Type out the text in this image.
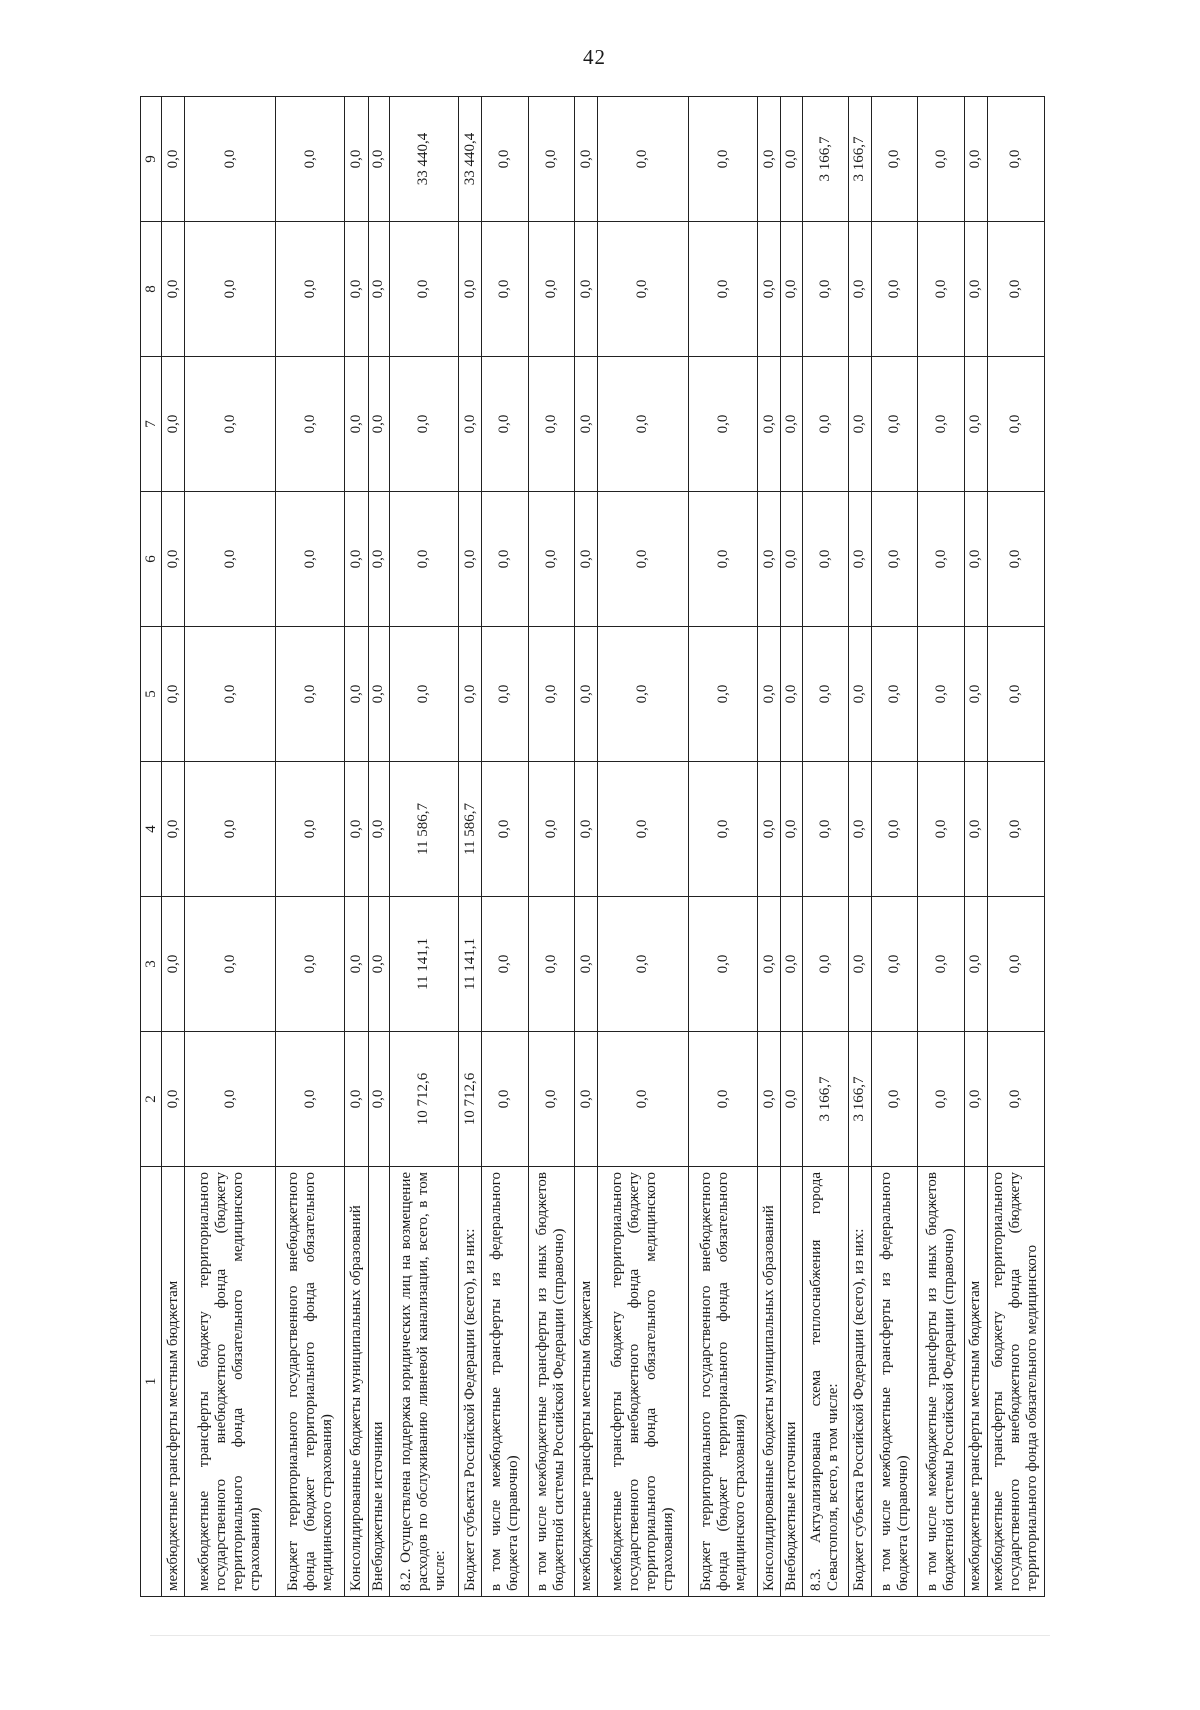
42
1	2	3	4	5	6	7	8	9
межбюджетные трансферты местным бюджетам	0,0	0,0	0,0	0,0	0,0	0,0	0,0	0,0
межбюджетные трансферты бюджету территориального государственного внебюджетного фонда (бюджету территориального фонда обязательного медицинского страхования)	0,0	0,0	0,0	0,0	0,0	0,0	0,0	0,0
Бюджет территориального государственного внебюджетного фонда (бюджет территориального фонда обязательного медицинского страхования)	0,0	0,0	0,0	0,0	0,0	0,0	0,0	0,0
Консолидированные бюджеты муниципальных образований	0,0	0,0	0,0	0,0	0,0	0,0	0,0	0,0
Внебюджетные источники	0,0	0,0	0,0	0,0	0,0	0,0	0,0	0,0
8.2. Осуществлена поддержка юридических лиц на возмещение расходов по обслуживанию ливневой канализации, всего, в том числе:	10 712,6	11 141,1	11 586,7	0,0	0,0	0,0	0,0	33 440,4
Бюджет субъекта Российской Федерации (всего), из них:	10 712,6	11 141,1	11 586,7	0,0	0,0	0,0	0,0	33 440,4
в том числе межбюджетные трансферты из федерального бюджета (справочно)	0,0	0,0	0,0	0,0	0,0	0,0	0,0	0,0
в том числе межбюджетные трансферты из иных бюджетов бюджетной системы Российской Федерации (справочно)	0,0	0,0	0,0	0,0	0,0	0,0	0,0	0,0
межбюджетные трансферты местным бюджетам	0,0	0,0	0,0	0,0	0,0	0,0	0,0	0,0
межбюджетные трансферты бюджету территориального государственного внебюджетного фонда (бюджету территориального фонда обязательного медицинского страхования)	0,0	0,0	0,0	0,0	0,0	0,0	0,0	0,0
Бюджет территориального государственного внебюджетного фонда (бюджет территориального фонда обязательного медицинского страхования)	0,0	0,0	0,0	0,0	0,0	0,0	0,0	0,0
Консолидированные бюджеты муниципальных образований	0,0	0,0	0,0	0,0	0,0	0,0	0,0	0,0
Внебюджетные источники	0,0	0,0	0,0	0,0	0,0	0,0	0,0	0,0
8.3. Актуализирована схема теплоснабжения города Севастополя, всего, в том числе:	3 166,7	0,0	0,0	0,0	0,0	0,0	0,0	3 166,7
Бюджет субъекта Российской Федерации (всего), из них:	3 166,7	0,0	0,0	0,0	0,0	0,0	0,0	3 166,7
в том числе межбюджетные трансферты из федерального бюджета (справочно)	0,0	0,0	0,0	0,0	0,0	0,0	0,0	0,0
в том числе межбюджетные трансферты из иных бюджетов бюджетной системы Российской Федерации (справочно)	0,0	0,0	0,0	0,0	0,0	0,0	0,0	0,0
межбюджетные трансферты местным бюджетам	0,0	0,0	0,0	0,0	0,0	0,0	0,0	0,0
межбюджетные трансферты бюджету территориального государственного внебюджетного фонда (бюджету территориального фонда обязательного медицинского	0,0	0,0	0,0	0,0	0,0	0,0	0,0	0,0
